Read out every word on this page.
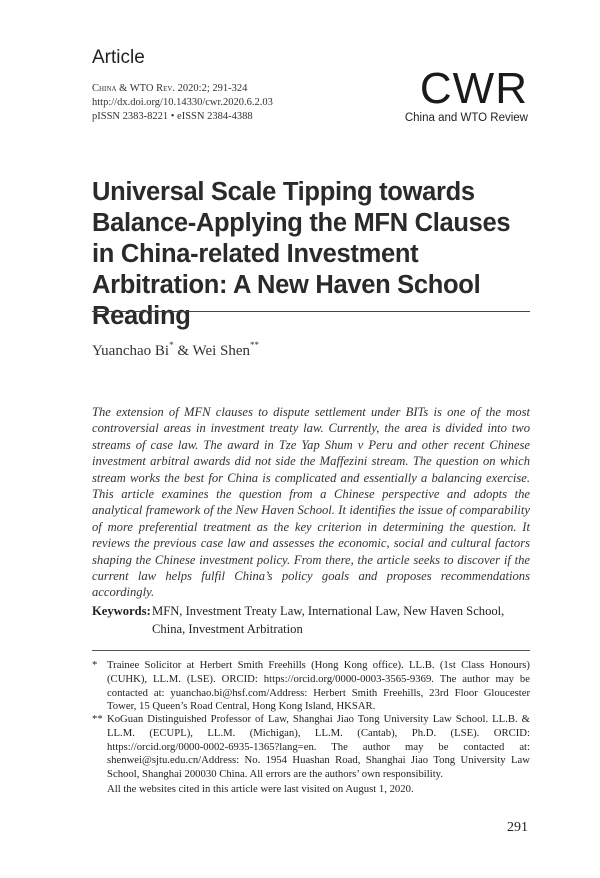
Article
China & WTO Rev. 2020:2; 291-324
http://dx.doi.org/10.14330/cwr.2020.6.2.03
pISSN 2383-8221 • eISSN 2384-4388
CWR
China and WTO Review
Universal Scale Tipping towards Balance-Applying the MFN Clauses in China-related Investment Arbitration: A New Haven School Reading
Yuanchao Bi* & Wei Shen**
The extension of MFN clauses to dispute settlement under BITs is one of the most controversial areas in investment treaty law. Currently, the area is divided into two streams of case law. The award in Tze Yap Shum v Peru and other recent Chinese investment arbitral awards did not side the Maffezini stream. The question on which stream works the best for China is complicated and essentially a balancing exercise. This article examines the question from a Chinese perspective and adopts the analytical framework of the New Haven School. It identifies the issue of comparability of more preferential treatment as the key criterion in determining the question. It reviews the previous case law and assesses the economic, social and cultural factors shaping the Chinese investment policy. From there, the article seeks to discover if the current law helps fulfil China’s policy goals and proposes recommendations accordingly.
Keywords: MFN, Investment Treaty Law, International Law, New Haven School, China, Investment Arbitration
* Trainee Solicitor at Herbert Smith Freehills (Hong Kong office). LL.B. (1st Class Honours) (CUHK), LL.M. (LSE). ORCID: https://orcid.org/0000-0003-3565-9369. The author may be contacted at: yuanchao.bi@hsf.com/Address: Herbert Smith Freehills, 23rd Floor Gloucester Tower, 15 Queen’s Road Central, Hong Kong Island, HKSAR.
** KoGuan Distinguished Professor of Law, Shanghai Jiao Tong University Law School. LL.B. & LL.M. (ECUPL), LL.M. (Michigan), LL.M. (Cantab), Ph.D. (LSE). ORCID: https://orcid.org/0000-0002-6935-1365?lang=en. The author may be contacted at: shenwei@sjtu.edu.cn/Address: No. 1954 Huashan Road, Shanghai Jiao Tong University Law School, Shanghai 200030 China. All errors are the authors’ own responsibility.
All the websites cited in this article were last visited on August 1, 2020.
291
